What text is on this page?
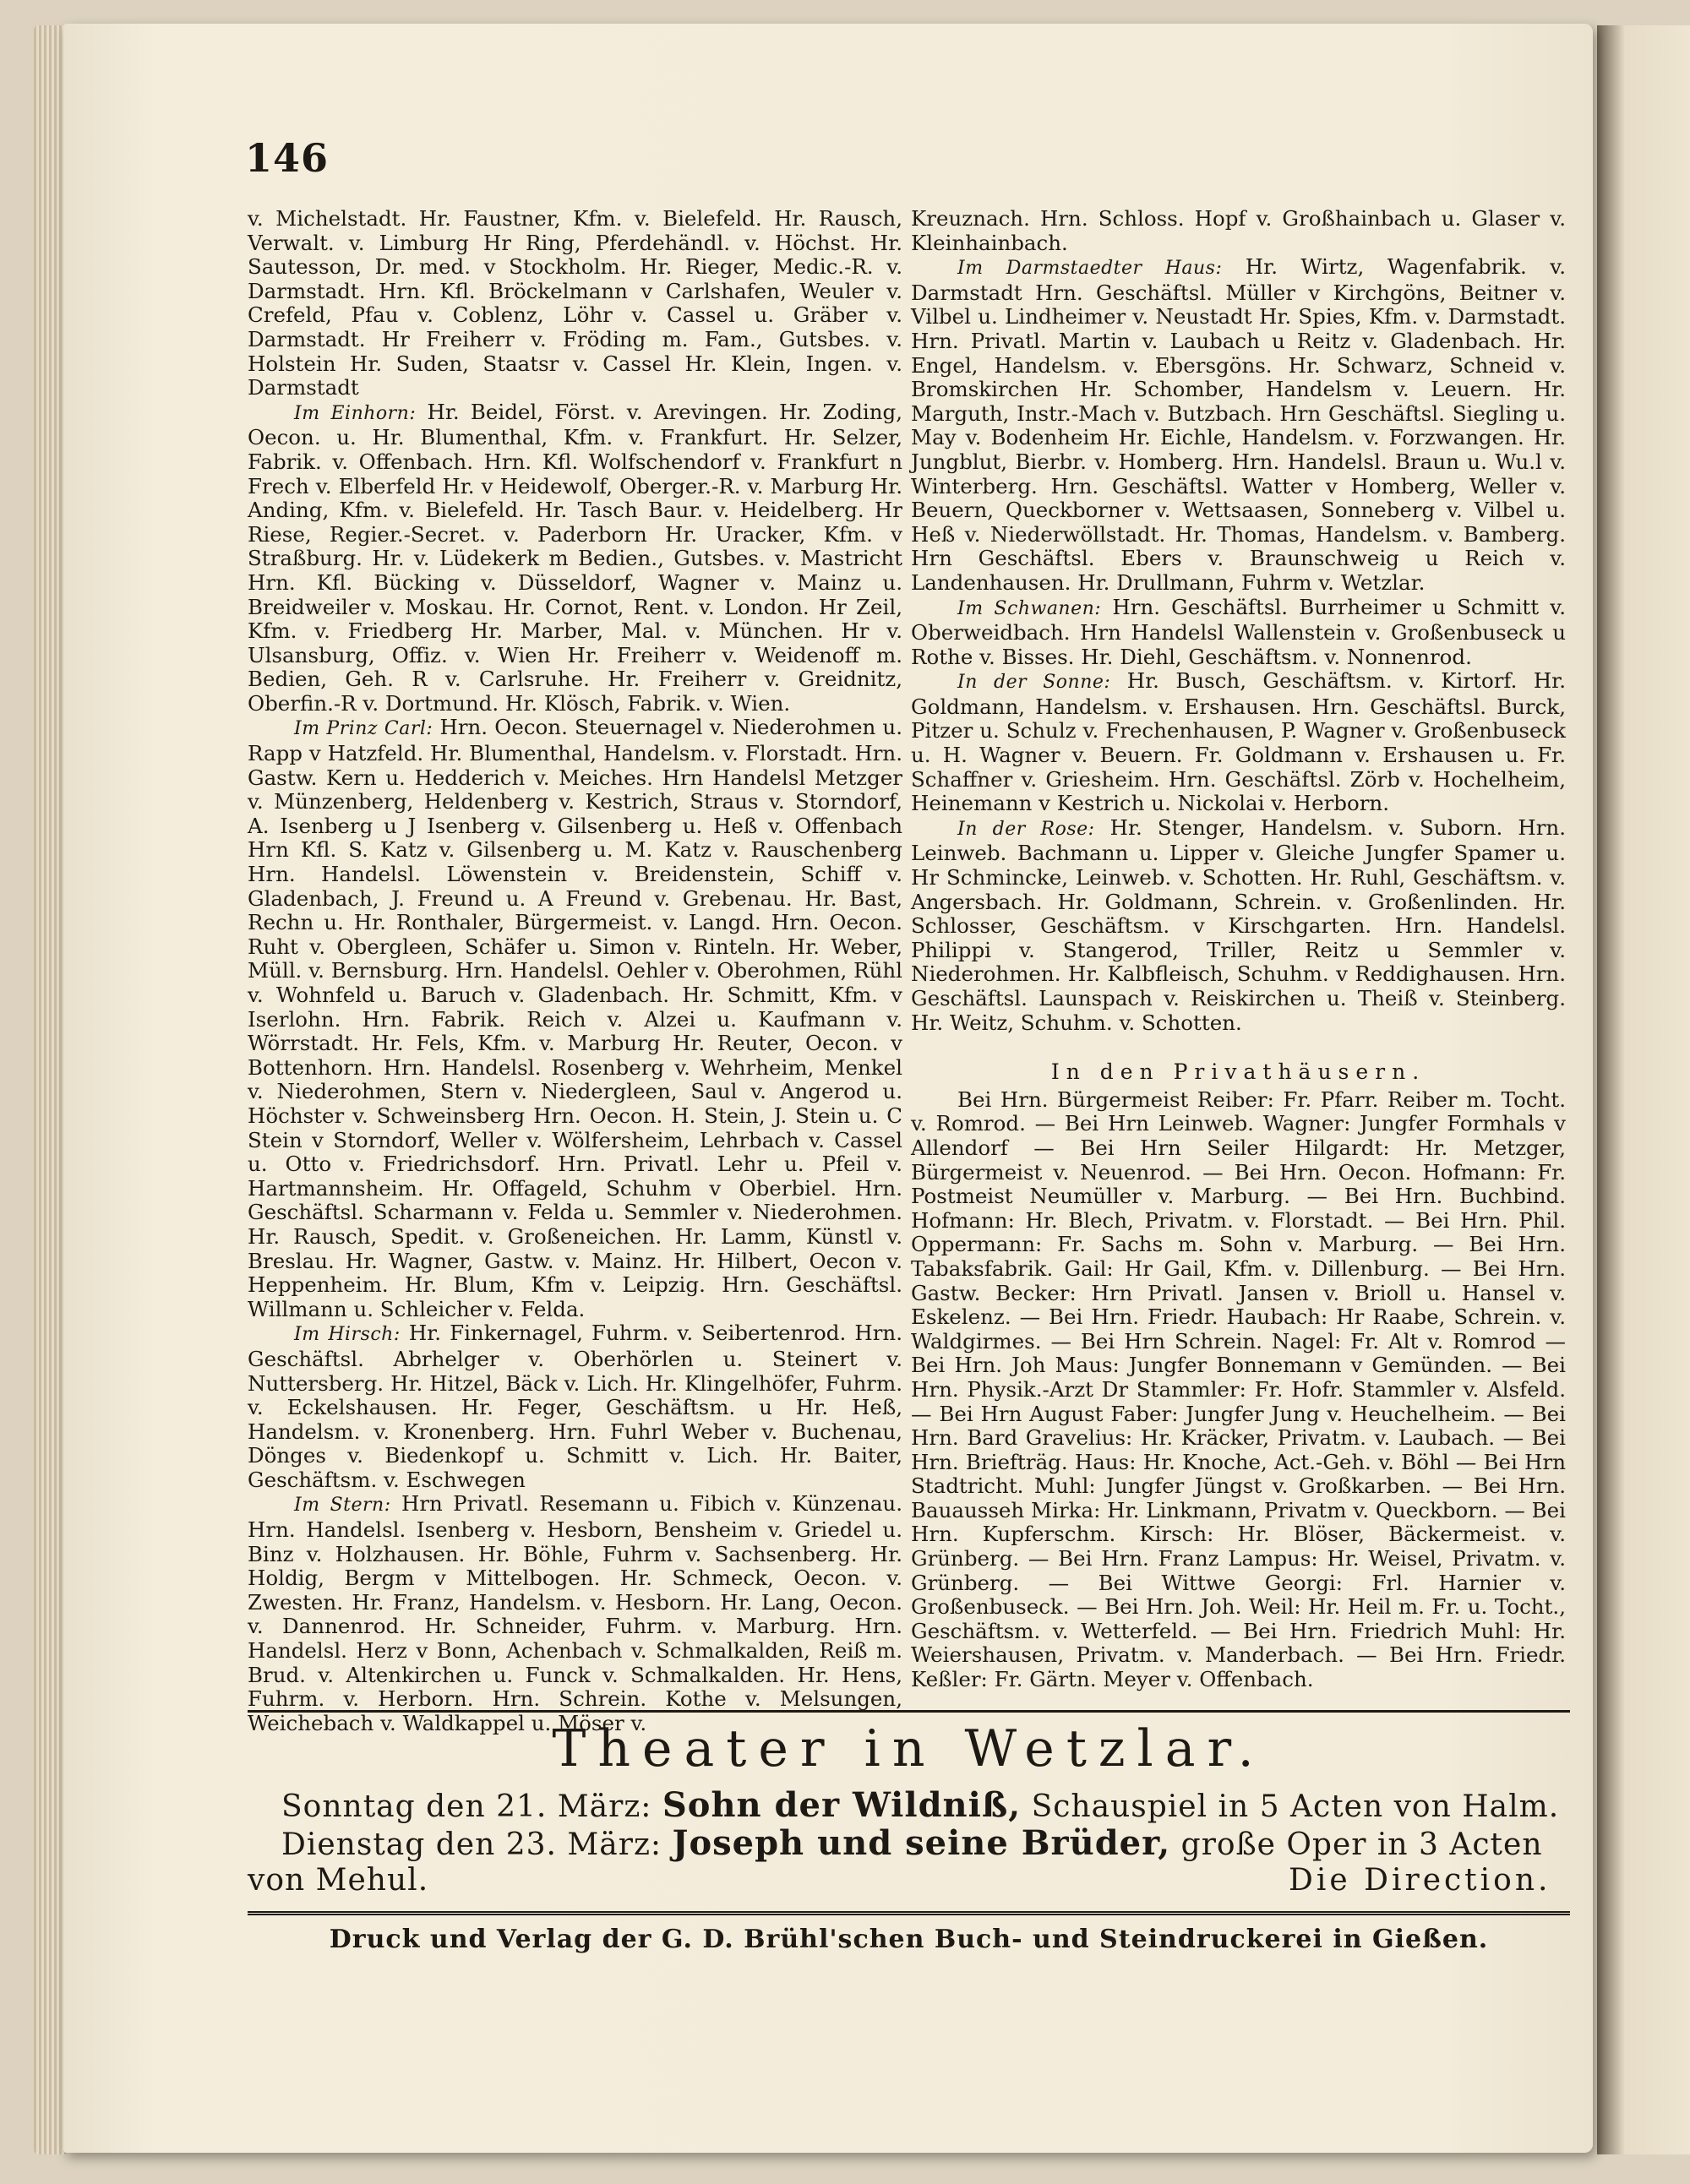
146

v. Michelstadt. Hr. Faustner, Kfm. v. Bielefeld. Hr. Rausch, Verwalt. v. Limburg Hr Ring, Pferdehändl. v. Höchst. Hr. Sautesson, Dr. med. v Stockholm. Hr. Rieger, Medic.-R. v. Darmstadt. Hrn. Kfl. Bröckelmann v Carlshafen, Weuler v. Crefeld, Pfau v. Coblenz, Löhr v. Cassel u. Gräber v. Darmstadt. Hr Freiherr v. Fröding m. Fam., Gutsbes. v. Holstein Hr. Suden, Staatsr v. Cassel Hr. Klein, Ingen. v. Darmstadt

Im Einhorn: Hr. Beidel, Först. v. Arevingen. Hr. Zoding, Oecon. u. Hr. Blumenthal, Kfm. v. Frankfurt. Hr. Selzer, Fabrik. v. Offenbach. Hrn. Kfl. Wolfschendorf v. Frankfurt n Frech v. Elberfeld Hr. v Heidewolf, Oberger.-R. v. Marburg Hr. Anding, Kfm. v. Bielefeld. Hr. Tasch Baur. v. Heidelberg. Hr Riese, Regier.-Secret. v. Paderborn Hr. Uracker, Kfm. v Straßburg. Hr. v. Lüdekerk m Bedien., Gutsbes. v. Mastricht Hrn. Kfl. Bücking v. Düsseldorf, Wagner v. Mainz u. Breidweiler v. Moskau. Hr. Cornot, Rent. v. London. Hr Zeil, Kfm. v. Friedberg Hr. Marber, Mal. v. München. Hr v. Ulsansburg, Offiz. v. Wien Hr. Freiherr v. Weidenoff m. Bedien, Geh. R v. Carlsruhe. Hr. Freiherr v. Greidnitz, Oberfin.-R v. Dortmund. Hr. Klösch, Fabrik. v. Wien.

Im Prinz Carl: Hrn. Oecon. Steuernagel v. Niederohmen u. Rapp v Hatzfeld. Hr. Blumenthal, Handelsm. v. Florstadt. Hrn. Gastw. Kern u. Hedderich v. Meiches. Hrn Handelsl Metzger v. Münzenberg, Heldenberg v. Kestrich, Straus v. Storndorf, A. Isenberg u J Isenberg v. Gilsenberg u. Heß v. Offenbach Hrn Kfl. S. Katz v. Gilsenberg u. M. Katz v. Rauschenberg Hrn. Handelsl. Löwenstein v. Breidenstein, Schiff v. Gladenbach, J. Freund u. A Freund v. Grebenau. Hr. Bast, Rechn u. Hr. Ronthaler, Bürgermeist. v. Langd. Hrn. Oecon. Ruht v. Obergleen, Schäfer u. Simon v. Rinteln. Hr. Weber, Müll. v. Bernsburg. Hrn. Handelsl. Oehler v. Oberohmen, Rühl v. Wohnfeld u. Baruch v. Gladenbach. Hr. Schmitt, Kfm. v Iserlohn. Hrn. Fabrik. Reich v. Alzei u. Kaufmann v. Wörrstadt. Hr. Fels, Kfm. v. Marburg Hr. Reuter, Oecon. v Bottenhorn. Hrn. Handelsl. Rosenberg v. Wehrheim, Menkel v. Niederohmen, Stern v. Niedergleen, Saul v. Angerod u. Höchster v. Schweinsberg Hrn. Oecon. H. Stein, J. Stein u. C Stein v Storndorf, Weller v. Wölfersheim, Lehrbach v. Cassel u. Otto v. Friedrichsdorf. Hrn. Privatl. Lehr u. Pfeil v. Hartmannsheim. Hr. Offageld, Schuhm v Oberbiel. Hrn. Geschäftsl. Scharmann v. Felda u. Semmler v. Niederohmen. Hr. Rausch, Spedit. v. Großeneichen. Hr. Lamm, Künstl v. Breslau. Hr. Wagner, Gastw. v. Mainz. Hr. Hilbert, Oecon v. Heppenheim. Hr. Blum, Kfm v. Leipzig. Hrn. Geschäftsl. Willmann u. Schleicher v. Felda.

Im Hirsch: Hr. Finkernagel, Fuhrm. v. Seibertenrod. Hrn. Geschäftsl. Abrhelger v. Oberhörlen u. Steinert v. Nuttersberg. Hr. Hitzel, Bäck v. Lich. Hr. Klingelhöfer, Fuhrm. v. Eckelshausen. Hr. Feger, Geschäftsm. u Hr. Heß, Handelsm. v. Kronenberg. Hrn. Fuhrl Weber v. Buchenau, Dönges v. Biedenkopf u. Schmitt v. Lich. Hr. Baiter, Geschäftsm. v. Eschwegen

Im Stern: Hrn Privatl. Resemann u. Fibich v. Künzenau. Hrn. Handelsl. Isenberg v. Hesborn, Bensheim v. Griedel u. Binz v. Holzhausen. Hr. Böhle, Fuhrm v. Sachsenberg. Hr. Holdig, Bergm v Mittelbogen. Hr. Schmeck, Oecon. v. Zwesten. Hr. Franz, Handelsm. v. Hesborn. Hr. Lang, Oecon. v. Dannenrod. Hr. Schneider, Fuhrm. v. Marburg. Hrn. Handelsl. Herz v Bonn, Achenbach v. Schmalkalden, Reiß m. Brud. v. Altenkirchen u. Funck v. Schmalkalden. Hr. Hens, Fuhrm. v. Herborn. Hrn. Schrein. Kothe v. Melsungen, Weichebach v. Waldkappel u. Möser v.

Kreuznach. Hrn. Schloss. Hopf v. Großhainbach u. Glaser v. Kleinhainbach.

Im Darmstaedter Haus: Hr. Wirtz, Wagenfabrik. v. Darmstadt Hrn. Geschäftsl. Müller v Kirchgöns, Beitner v. Vilbel u. Lindheimer v. Neustadt Hr. Spies, Kfm. v. Darmstadt. Hrn. Privatl. Martin v. Laubach u Reitz v. Gladenbach. Hr. Engel, Handelsm. v. Ebersgöns. Hr. Schwarz, Schneid v. Bromskirchen Hr. Schomber, Handelsm v. Leuern. Hr. Marguth, Instr.-Mach v. Butzbach. Hrn Geschäftsl. Siegling u. May v. Bodenheim Hr. Eichle, Handelsm. v. Forzwangen. Hr. Jungblut, Bierbr. v. Homberg. Hrn. Handelsl. Braun u. Wu.l v. Winterberg. Hrn. Geschäftsl. Watter v Homberg, Weller v. Beuern, Queckborner v. Wettsaasen, Sonneberg v. Vilbel u. Heß v. Niederwöllstadt. Hr. Thomas, Handelsm. v. Bamberg. Hrn Geschäftsl. Ebers v. Braunschweig u Reich v. Landenhausen. Hr. Drullmann, Fuhrm v. Wetzlar.

Im Schwanen: Hrn. Geschäftsl. Burrheimer u Schmitt v. Oberweidbach. Hrn Handelsl Wallenstein v. Großenbuseck u Rothe v. Bisses. Hr. Diehl, Geschäftsm. v. Nonnenrod.

In der Sonne: Hr. Busch, Geschäftsm. v. Kirtorf. Hr. Goldmann, Handelsm. v. Ershausen. Hrn. Geschäftsl. Burck, Pitzer u. Schulz v. Frechenhausen, P. Wagner v. Großenbuseck u. H. Wagner v. Beuern. Fr. Goldmann v. Ershausen u. Fr. Schaffner v. Griesheim. Hrn. Geschäftsl. Zörb v. Hochelheim, Heinemann v Kestrich u. Nickolai v. Herborn.

In der Rose: Hr. Stenger, Handelsm. v. Suborn. Hrn. Leinweb. Bachmann u. Lipper v. Gleiche Jungfer Spamer u. Hr Schmincke, Leinweb. v. Schotten. Hr. Ruhl, Geschäftsm. v. Angersbach. Hr. Goldmann, Schrein. v. Großenlinden. Hr. Schlosser, Geschäftsm. v Kirschgarten. Hrn. Handelsl. Philippi v. Stangerod, Triller, Reitz u Semmler v. Niederohmen. Hr. Kalbfleisch, Schuhm. v Reddighausen. Hrn. Geschäftsl. Launspach v. Reiskirchen u. Theiß v. Steinberg. Hr. Weitz, Schuhm. v. Schotten.

In den Privathäusern.

Bei Hrn. Bürgermeist Reiber: Fr. Pfarr. Reiber m. Tocht. v. Romrod. — Bei Hrn Leinweb. Wagner: Jungfer Formhals v Allendorf — Bei Hrn Seiler Hilgardt: Hr. Metzger, Bürgermeist v. Neuenrod. — Bei Hrn. Oecon. Hofmann: Fr. Postmeist Neumüller v. Marburg. — Bei Hrn. Buchbind. Hofmann: Hr. Blech, Privatm. v. Florstadt. — Bei Hrn. Phil. Oppermann: Fr. Sachs m. Sohn v. Marburg. — Bei Hrn. Tabaksfabrik. Gail: Hr Gail, Kfm. v. Dillenburg. — Bei Hrn. Gastw. Becker: Hrn Privatl. Jansen v. Brioll u. Hansel v. Eskelenz. — Bei Hrn. Friedr. Haubach: Hr Raabe, Schrein. v. Waldgirmes. — Bei Hrn Schrein. Nagel: Fr. Alt v. Romrod — Bei Hrn. Joh Maus: Jungfer Bonnemann v Gemünden. — Bei Hrn. Physik.-Arzt Dr Stammler: Fr. Hofr. Stammler v. Alsfeld. — Bei Hrn August Faber: Jungfer Jung v. Heuchelheim. — Bei Hrn. Bard Gravelius: Hr. Kräcker, Privatm. v. Laubach. — Bei Hrn. Briefträg. Haus: Hr. Knoche, Act.-Geh. v. Böhl — Bei Hrn Stadtricht. Muhl: Jungfer Jüngst v. Großkarben. — Bei Hrn. Bauausseh Mirka: Hr. Linkmann, Privatm v. Queckborn. — Bei Hrn. Kupferschm. Kirsch: Hr. Blöser, Bäckermeist. v. Grünberg. — Bei Hrn. Franz Lampus: Hr. Weisel, Privatm. v. Grünberg. — Bei Wittwe Georgi: Frl. Harnier v. Großenbuseck. — Bei Hrn. Joh. Weil: Hr. Heil m. Fr. u. Tocht., Geschäftsm. v. Wetterfeld. — Bei Hrn. Friedrich Muhl: Hr. Weiershausen, Privatm. v. Manderbach. — Bei Hrn. Friedr. Keßler: Fr. Gärtn. Meyer v. Offenbach.

Theater in Wetzlar.
Sonntag den 21. März: Sohn der Wildniß, Schauspiel in 5 Acten von Halm.
Dienstag den 23. März: Joseph und seine Brüder, große Oper in 3 Acten
von Mehul.	Die Direction.
Druck und Verlag der G. D. Brühl'schen Buch- und Steindruckerei in Gießen.
